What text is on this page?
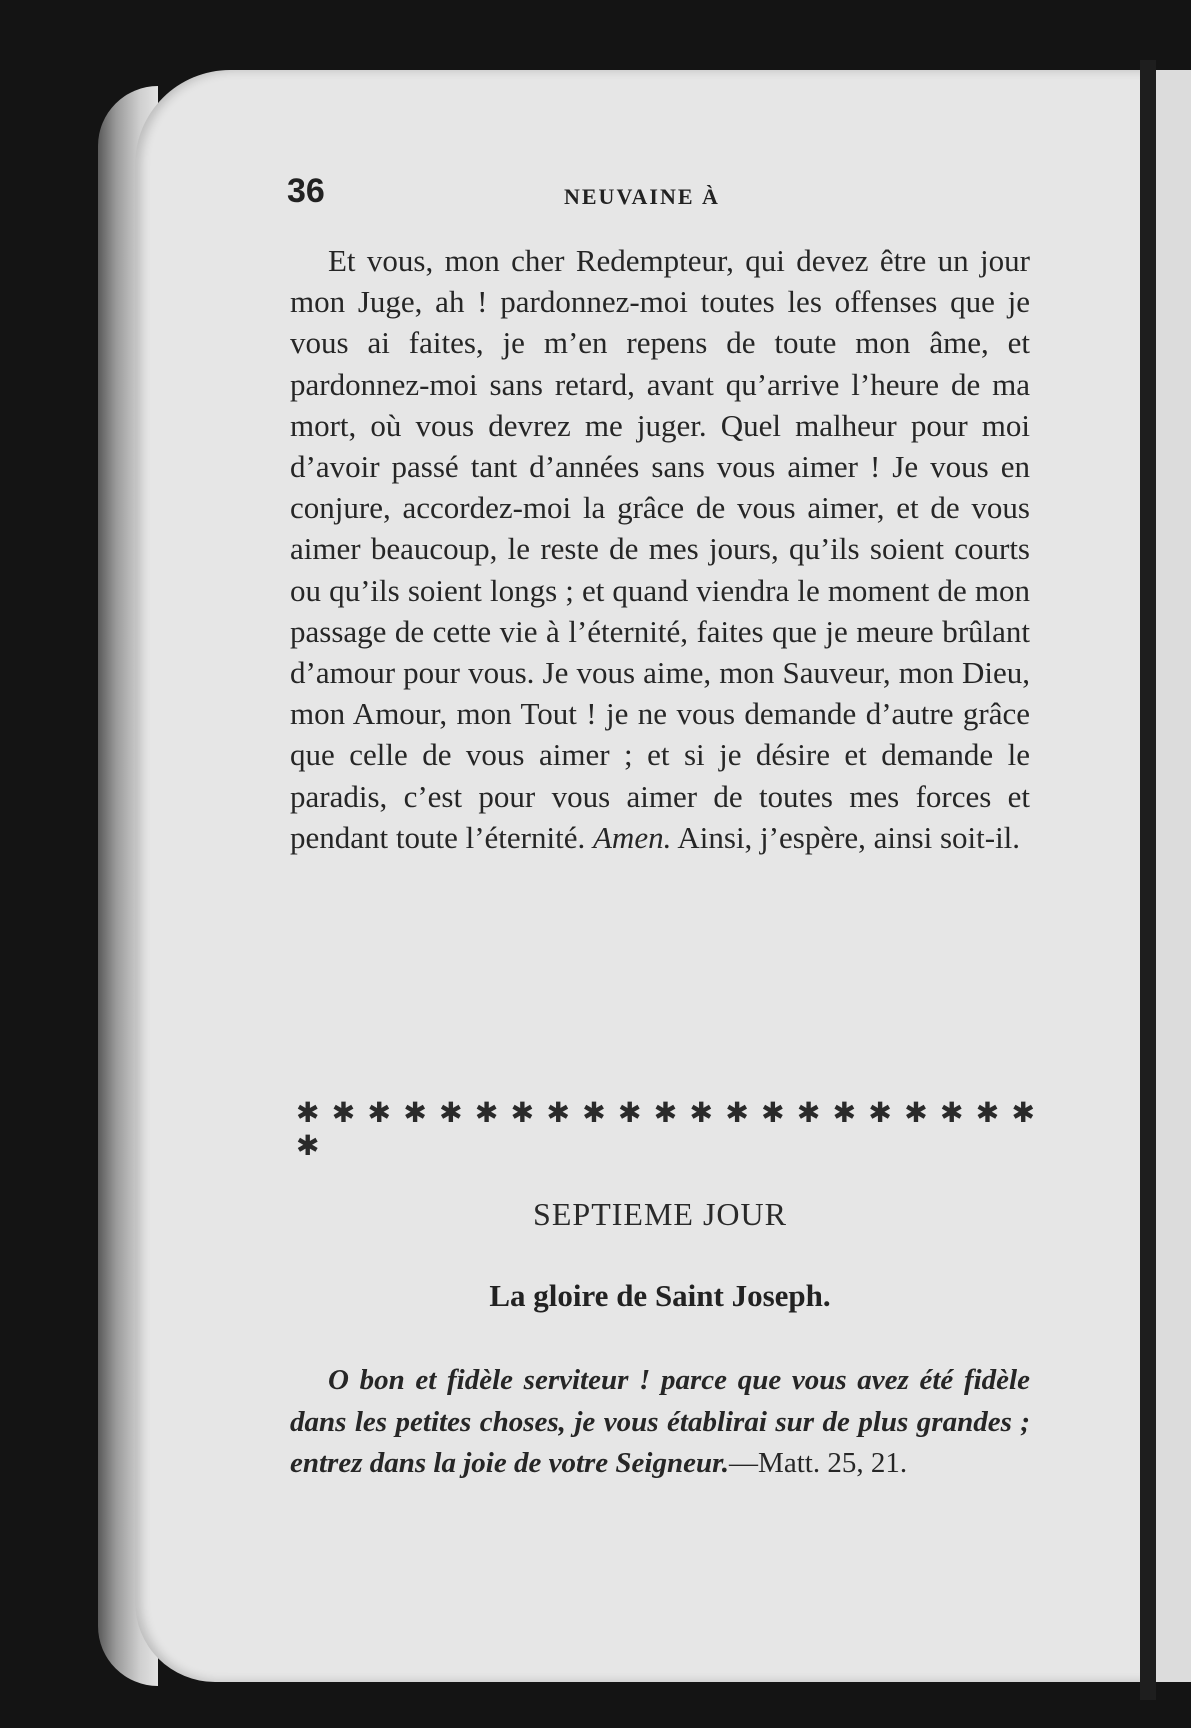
36	NEUVAINE À

Et vous, mon cher Redempteur, qui devez être un jour mon Juge, ah ! pardonnez-moi toutes les offenses que je vous ai faites, je m’en repens de toute mon âme, et pardonnez-moi sans retard, avant qu’arrive l’heure de ma mort, où vous devrez me juger. Quel malheur pour moi d’avoir passé tant d’années sans vous aimer ! Je vous en conjure, accordez-moi la grâce de vous aimer, et de vous aimer beaucoup, le reste de mes jours, qu’ils soient courts ou qu’ils soient longs ; et quand viendra le moment de mon passage de cette vie à l’éternité, faites que je meure brûlant d’amour pour vous. Je vous aime, mon Sauveur, mon Dieu, mon Amour, mon Tout ! je ne vous demande d’autre grâce que celle de vous aimer ; et si je désire et demande le paradis, c’est pour vous aimer de toutes mes forces et pendant toute l’éternité. Amen. Ainsi, j’espère, ainsi soit-il.

✱ ✱ ✱ ✱ ✱ ✱ ✱ ✱ ✱ ✱ ✱ ✱ ✱ ✱ ✱ ✱ ✱ ✱ ✱ ✱ ✱ ✱
SEPTIEME JOUR
La gloire de Saint Joseph.

O bon et fidèle serviteur ! parce que vous avez été fidèle dans les petites choses, je vous établirai sur de plus grandes ; entrez dans la joie de votre Seigneur.—Matt. 25, 21.
